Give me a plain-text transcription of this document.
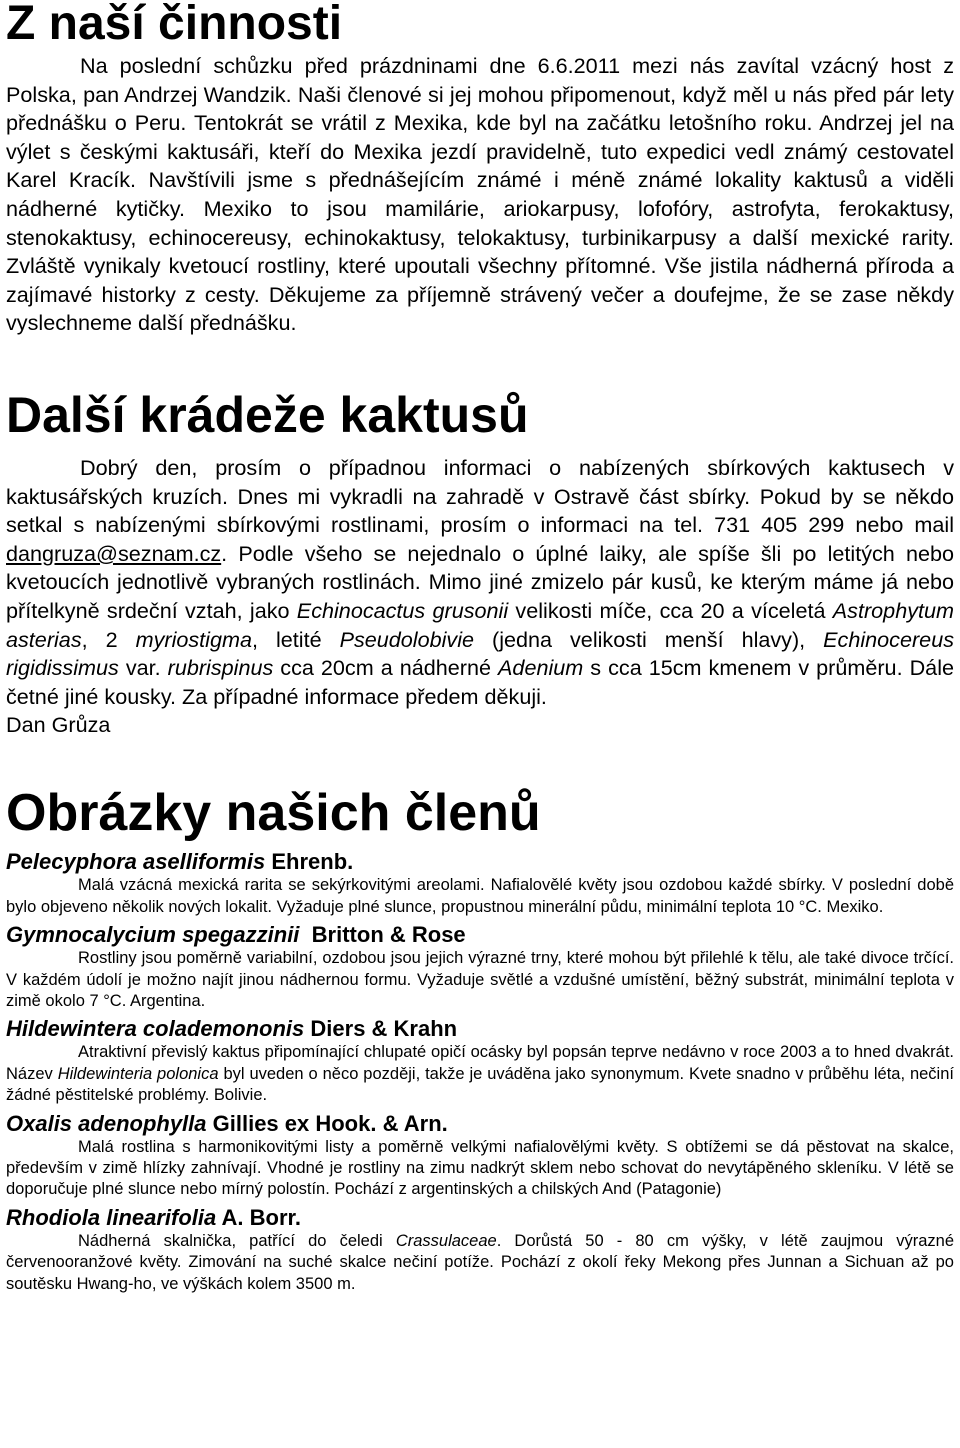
Z naší činnosti

Na poslední schůzku před prázdninami dne 6.6.2011 mezi nás zavítal vzácný host z Polska, pan Andrzej Wandzik. Naši členové si jej mohou připomenout, když měl u nás před pár lety přednášku o Peru. Tentokrát se vrátil z Mexika, kde byl na začátku letošního roku. Andrzej jel na výlet s českými kaktusáři, kteří do Mexika jezdí pravidelně, tuto expedici vedl známý cestovatel Karel Kracík. Navštívili jsme s přednášejícím známé i méně známé lokality kaktusů a viděli nádherné kytičky. Mexiko to jsou mamilárie, ariokarpusy, lofofóry, astrofyta, ferokaktusy, stenokaktusy, echinocereusy, echinokaktusy, telokaktusy, turbinikarpusy a další mexické rarity. Zvláště vynikaly kvetoucí rostliny, které upoutali všechny přítomné. Vše jistila nádherná příroda a zajímavé historky z cesty. Děkujeme za příjemně strávený večer a doufejme, že se zase někdy vyslechneme další přednášku.

Další krádeže kaktusů

Dobrý den, prosím o případnou informaci o nabízených sbírkových kaktusech v kaktusářských kruzích. Dnes mi vykradli na zahradě v Ostravě část sbírky. Pokud by se někdo setkal s nabízenými sbírkovými rostlinami, prosím o informaci na tel. 731 405 299 nebo mail dangruza@seznam.cz. Podle všeho se nejednalo o úplné laiky, ale spíše šli po letitých nebo kvetoucích jednotlivě vybraných rostlinách. Mimo jiné zmizelo pár kusů, ke kterým máme já nebo přítelkyně srdeční vztah, jako Echinocactus grusonii velikosti míče, cca 20 a víceletá Astrophytum asterias, 2 myriostigma, letité Pseudolobivie (jedna velikosti menší hlavy), Echinocereus rigidissimus var. rubrispinus cca 20cm a nádherné Adenium s cca 15cm kmenem v průměru. Dále četné jiné kousky. Za případné informace předem děkuji.

Dan Grůza
Obrázky našich členů
Pelecyphora aselliformis Ehrenb.

Malá vzácná mexická rarita se sekýrkovitými areolami. Nafialovělé květy jsou ozdobou každé sbírky. V poslední době bylo objeveno několik nových lokalit. Vyžaduje plné slunce, propustnou minerální půdu, minimální teplota 10 °C. Mexiko.

Gymnocalycium spegazzinii  Britton & Rose

Rostliny jsou poměrně variabilní, ozdobou jsou jejich výrazné trny, které mohou být přilehlé k tělu, ale také divoce trčící. V každém údolí je možno najít jinou nádhernou formu. Vyžaduje světlé a vzdušné umístění, běžný substrát, minimální teplota v zimě okolo 7 °C. Argentina.

Hildewintera colademononis Diers & Krahn

Atraktivní převislý kaktus připomínající chlupaté opičí ocásky byl popsán teprve nedávno v roce 2003 a to hned dvakrát. Název Hildewinteria polonica byl uveden o něco později, takže je uváděna jako synonymum. Kvete snadno v průběhu léta, nečiní žádné pěstitelské problémy. Bolivie.

Oxalis adenophylla Gillies ex Hook. & Arn.

Malá rostlina s harmonikovitými listy a poměrně velkými nafialovělými květy. S obtížemi se dá pěstovat na skalce, především v zimě hlízky zahnívají. Vhodné je rostliny na zimu nadkrýt sklem nebo schovat do nevytápěného skleníku. V létě se doporučuje plné slunce nebo mírný polostín. Pochází z argentinských a chilských And (Patagonie)

Rhodiola linearifolia A. Borr.

Nádherná skalnička, patřící do čeledi Crassulaceae. Dorůstá 50 - 80 cm výšky, v létě zaujmou výrazné červenooranžové květy. Zimování na suché skalce nečiní potíže. Pochází z okolí řeky Mekong přes Junnan a Sichuan až po soutěsku Hwang-ho, ve výškách kolem 3500 m.
